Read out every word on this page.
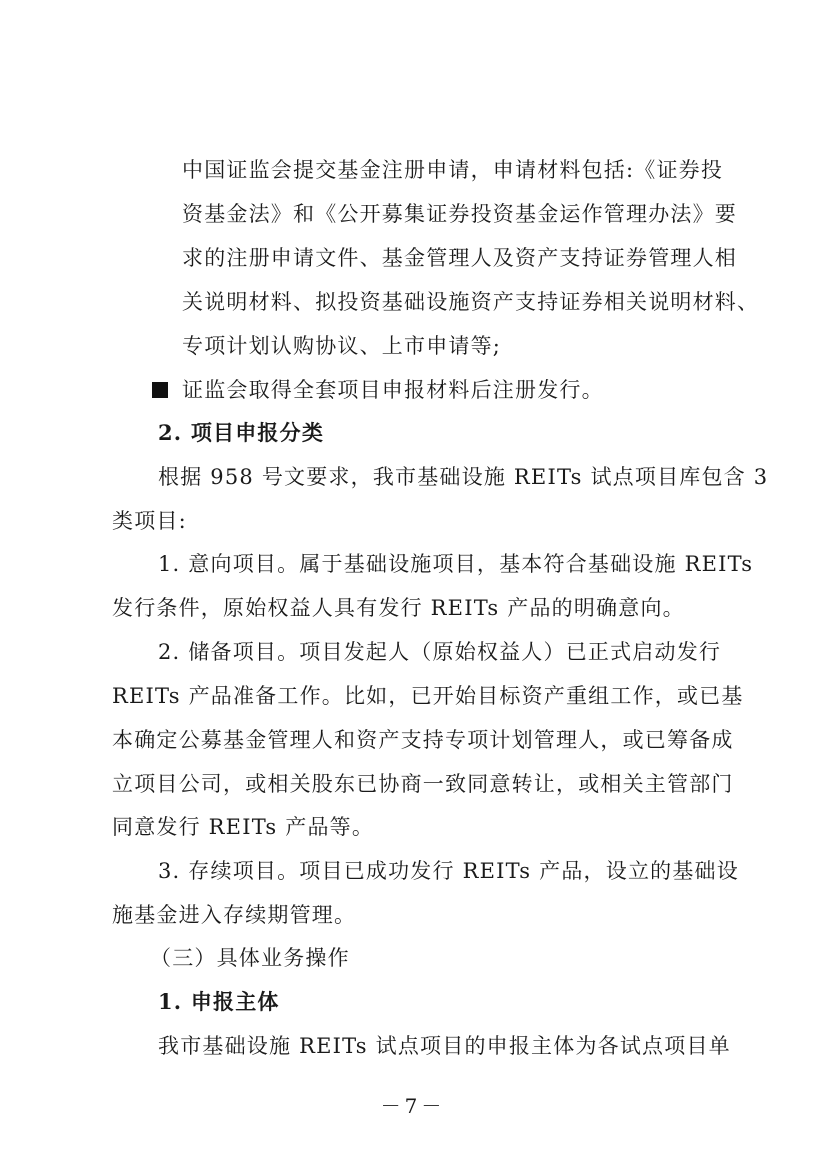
中国证监会提交基金注册申请，申请材料包括:《证券投
资基金法》和《公开募集证券投资基金运作管理办法》要
求的注册申请文件、基金管理人及资产支持证券管理人相
关说明材料、拟投资基础设施资产支持证券相关说明材料、
专项计划认购协议、上市申请等;
证监会取得全套项目申报材料后注册发行。
2. 项目申报分类
根据 958 号文要求，我市基础设施 REITs 试点项目库包含 3
类项目:
1. 意向项目。属于基础设施项目，基本符合基础设施 REITs
发行条件，原始权益人具有发行 REITs 产品的明确意向。
2. 储备项目。项目发起人（原始权益人）已正式启动发行
REITs 产品准备工作。比如，已开始目标资产重组工作，或已基
本确定公募基金管理人和资产支持专项计划管理人，或已筹备成
立项目公司，或相关股东已协商一致同意转让，或相关主管部门
同意发行 REITs 产品等。
3. 存续项目。项目已成功发行 REITs 产品，设立的基础设
施基金进入存续期管理。
（三）具体业务操作
1. 申报主体
我市基础设施 REITs 试点项目的申报主体为各试点项目单
－7－
